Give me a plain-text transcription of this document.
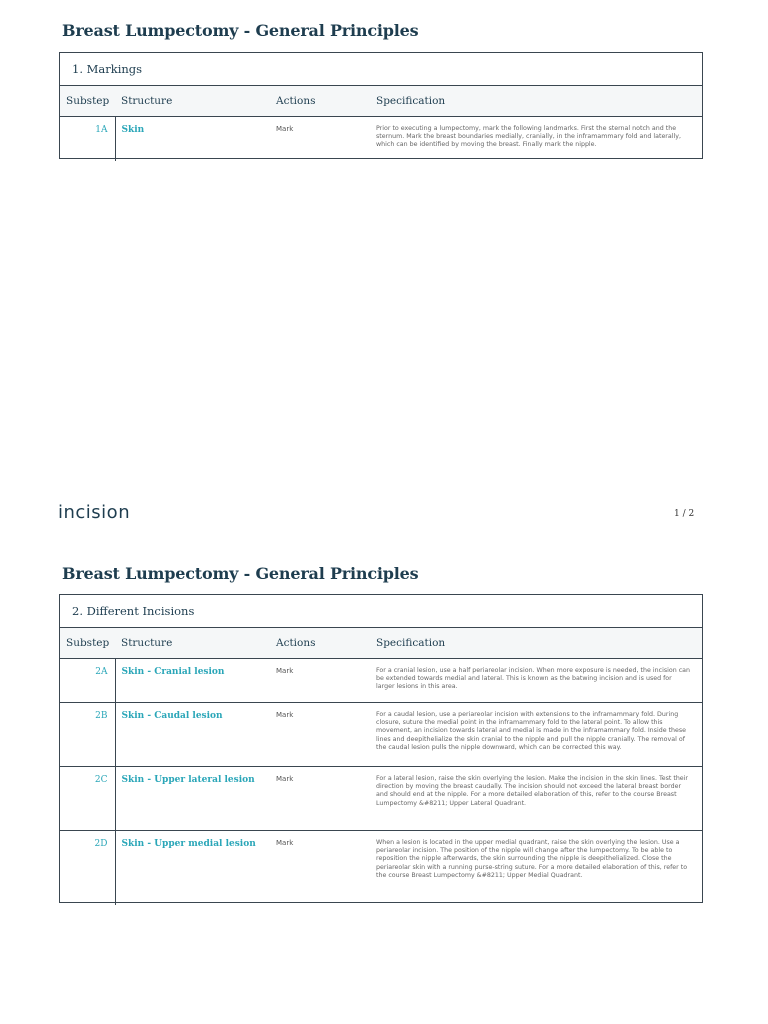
Breast Lumpectomy - General Principles
1. Markings
Substep	Structure	Actions	Specification
1A	Skin	Mark	Prior to executing a lumpectomy, mark the following landmarks. First the sternal notch and the sternum. Mark the breast boundaries medially, cranially, in the inframammary fold and laterally, which can be identified by moving the breast. Finally mark the nipple.
incision	1 / 2
Breast Lumpectomy - General Principles
2. Different Incisions
Substep	Structure	Actions	Specification
2A	Skin - Cranial lesion	Mark	For a cranial lesion, use a half periareolar incision. When more exposure is needed, the incision can be extended towards medial and lateral. This is known as the batwing incision and is used for larger lesions in this area.
2B	Skin - Caudal lesion	Mark	For a caudal lesion, use a periareolar incision with extensions to the inframammary fold. During closure, suture the medial point in the inframammary fold to the lateral point. To allow this movement, an incision towards lateral and medial is made in the inframammary fold. Inside these lines and deepithelialize the skin cranial to the nipple and pull the nipple cranially. The removal of the caudal lesion pulls the nipple downward, which can be corrected this way.
2C	Skin - Upper lateral lesion	Mark	For a lateral lesion, raise the skin overlying the lesion. Make the incision in the skin lines. Test their direction by moving the breast caudally. The incision should not exceed the lateral breast border and should end at the nipple. For a more detailed elaboration of this, refer to the course Breast Lumpectomy &#8211; Upper Lateral Quadrant.
2D	Skin - Upper medial lesion	Mark	When a lesion is located in the upper medial quadrant, raise the skin overlying the lesion. Use a periareolar incision. The position of the nipple will change after the lumpectomy. To be able to reposition the nipple afterwards, the skin surrounding the nipple is deepithelialized. Close the periareolar skin with a running purse-string suture. For a more detailed elaboration of this, refer to the course Breast Lumpectomy &#8211; Upper Medial Quadrant.
